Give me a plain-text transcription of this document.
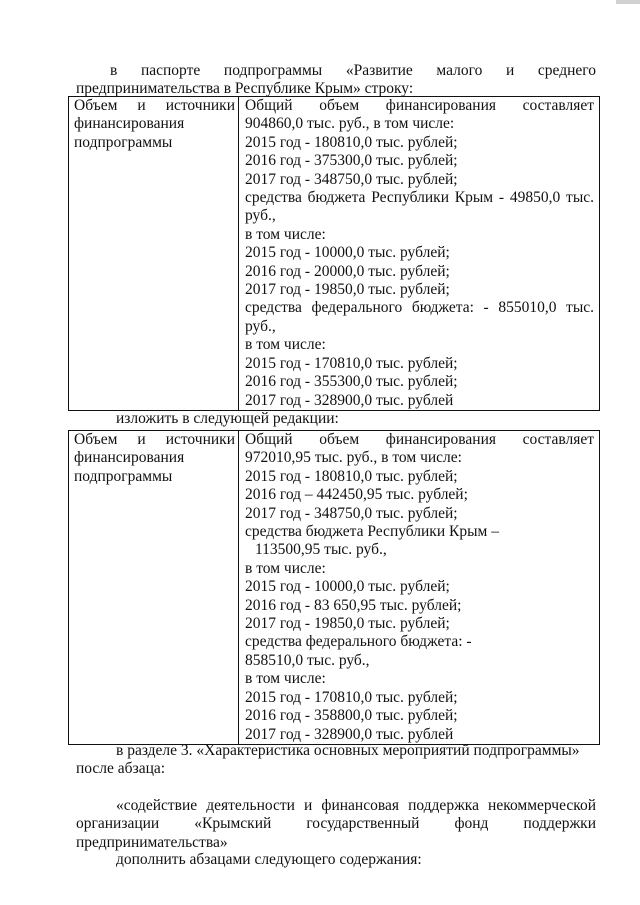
в паспорте подпрограммы «Развитие малого и среднего
предпринимательства в Республике Крым» строку:
Объем и источники
финансирования
подпрограммы
Общий объем финансирования составляет
904860,0 тыс. руб., в том числе:
2015 год - 180810,0 тыс. рублей;
2016 год - 375300,0 тыс. рублей;
2017 год - 348750,0 тыс. рублей;
средства бюджета Республики Крым - 49850,0 тыс.
руб.,
в том числе:
2015 год - 10000,0 тыс. рублей;
2016 год - 20000,0 тыс. рублей;
2017 год - 19850,0 тыс. рублей;
средства федерального бюджета: - 855010,0 тыс.
руб.,
в том числе:
2015 год - 170810,0 тыс. рублей;
2016 год - 355300,0 тыс. рублей;
2017 год - 328900,0 тыс. рублей
изложить в следующей редакции:
Объем и источники
финансирования
подпрограммы
Общий объем финансирования составляет
972010,95 тыс. руб., в том числе:
2015 год - 180810,0 тыс. рублей;
2016 год – 442450,95 тыс. рублей;
2017 год - 348750,0 тыс. рублей;
средства бюджета Республики Крым –
113500,95 тыс. руб.,
в том числе:
2015 год - 10000,0 тыс. рублей;
2016 год - 83 650,95 тыс. рублей;
2017 год - 19850,0 тыс. рублей;
средства федерального бюджета: -
858510,0 тыс. руб.,
в том числе:
2015 год - 170810,0 тыс. рублей;
2016 год - 358800,0 тыс. рублей;
2017 год - 328900,0 тыс. рублей
в разделе 3. «Характеристика основных мероприятий подпрограммы»
после абзаца:
«содействие деятельности и финансовая поддержка некоммерческой
организации «Крымский государственный фонд поддержки
предпринимательства»
дополнить абзацами следующего содержания:
